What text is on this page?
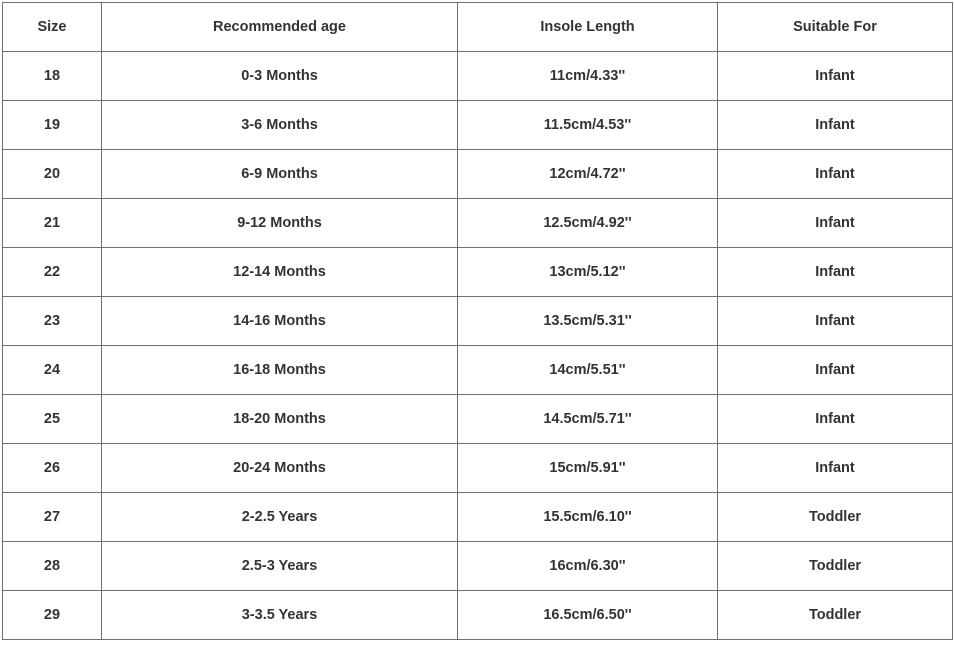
Size	Recommended age	Insole Length	Suitable For
18	0-3 Months	11cm/4.33''	Infant
19	3-6 Months	11.5cm/4.53''	Infant
20	6-9 Months	12cm/4.72''	Infant
21	9-12 Months	12.5cm/4.92''	Infant
22	12-14 Months	13cm/5.12''	Infant
23	14-16 Months	13.5cm/5.31''	Infant
24	16-18 Months	14cm/5.51''	Infant
25	18-20 Months	14.5cm/5.71''	Infant
26	20-24 Months	15cm/5.91''	Infant
27	2-2.5 Years	15.5cm/6.10''	Toddler
28	2.5-3 Years	16cm/6.30''	Toddler
29	3-3.5 Years	16.5cm/6.50''	Toddler
